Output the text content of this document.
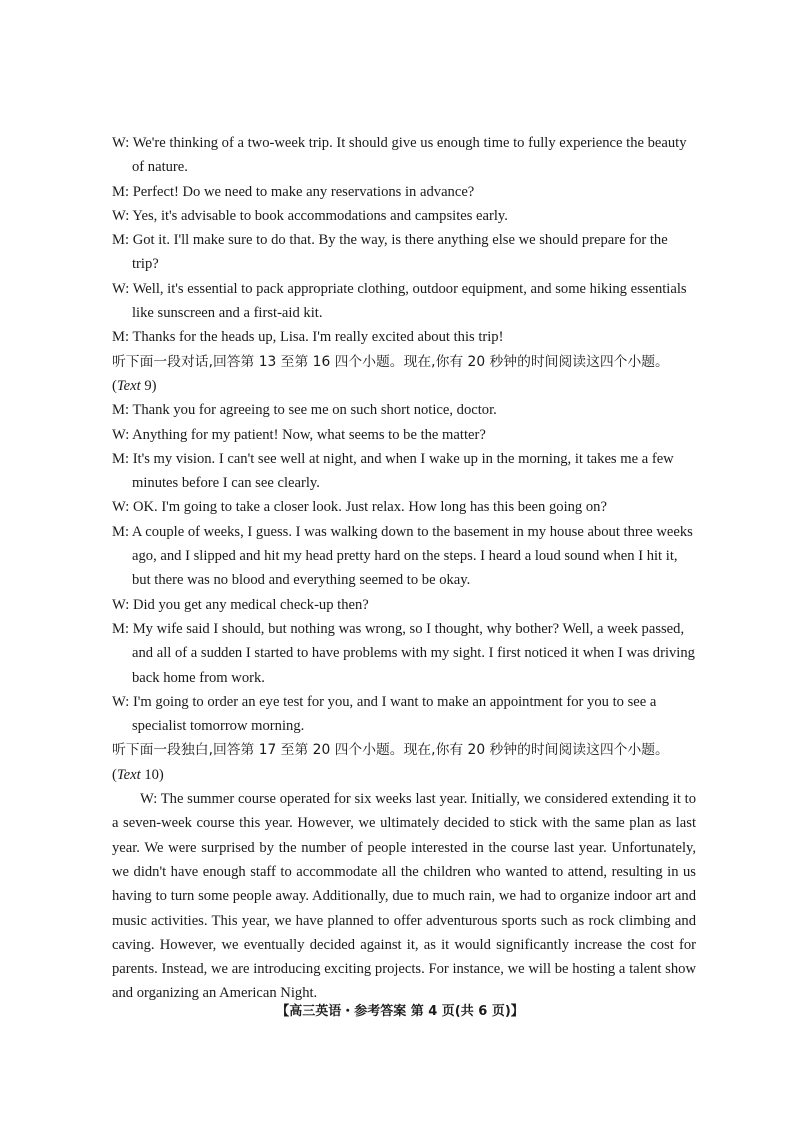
W: We're thinking of a two-week trip. It should give us enough time to fully experience the beauty of nature.
M: Perfect! Do we need to make any reservations in advance?
W: Yes, it's advisable to book accommodations and campsites early.
M: Got it. I'll make sure to do that. By the way, is there anything else we should prepare for the trip?
W: Well, it's essential to pack appropriate clothing, outdoor equipment, and some hiking essentials like sunscreen and a first-aid kit.
M: Thanks for the heads up, Lisa. I'm really excited about this trip!
听下面一段对话,回答第 13 至第 16 四个小题。现在,你有 20 秒钟的时间阅读这四个小题。
(Text 9)
M: Thank you for agreeing to see me on such short notice, doctor.
W: Anything for my patient! Now, what seems to be the matter?
M: It's my vision. I can't see well at night, and when I wake up in the morning, it takes me a few minutes before I can see clearly.
W: OK. I'm going to take a closer look. Just relax. How long has this been going on?
M: A couple of weeks, I guess. I was walking down to the basement in my house about three weeks ago, and I slipped and hit my head pretty hard on the steps. I heard a loud sound when I hit it, but there was no blood and everything seemed to be okay.
W: Did you get any medical check-up then?
M: My wife said I should, but nothing was wrong, so I thought, why bother? Well, a week passed, and all of a sudden I started to have problems with my sight. I first noticed it when I was driving back home from work.
W: I'm going to order an eye test for you, and I want to make an appointment for you to see a specialist tomorrow morning.
听下面一段独白,回答第 17 至第 20 四个小题。现在,你有 20 秒钟的时间阅读这四个小题。
(Text 10)
W: The summer course operated for six weeks last year. Initially, we considered extending it to a seven-week course this year. However, we ultimately decided to stick with the same plan as last year. We were surprised by the number of people interested in the course last year. Unfortunately, we didn't have enough staff to accommodate all the children who wanted to attend, resulting in us having to turn some people away. Additionally, due to much rain, we had to organize indoor art and music activities. This year, we have planned to offer adventurous sports such as rock climbing and caving. However, we eventually decided against it, as it would significantly increase the cost for parents. Instead, we are introducing exciting projects. For instance, we will be hosting a talent show and organizing an American Night.
【高三英语・参考答案 第 4 页(共 6 页)】
